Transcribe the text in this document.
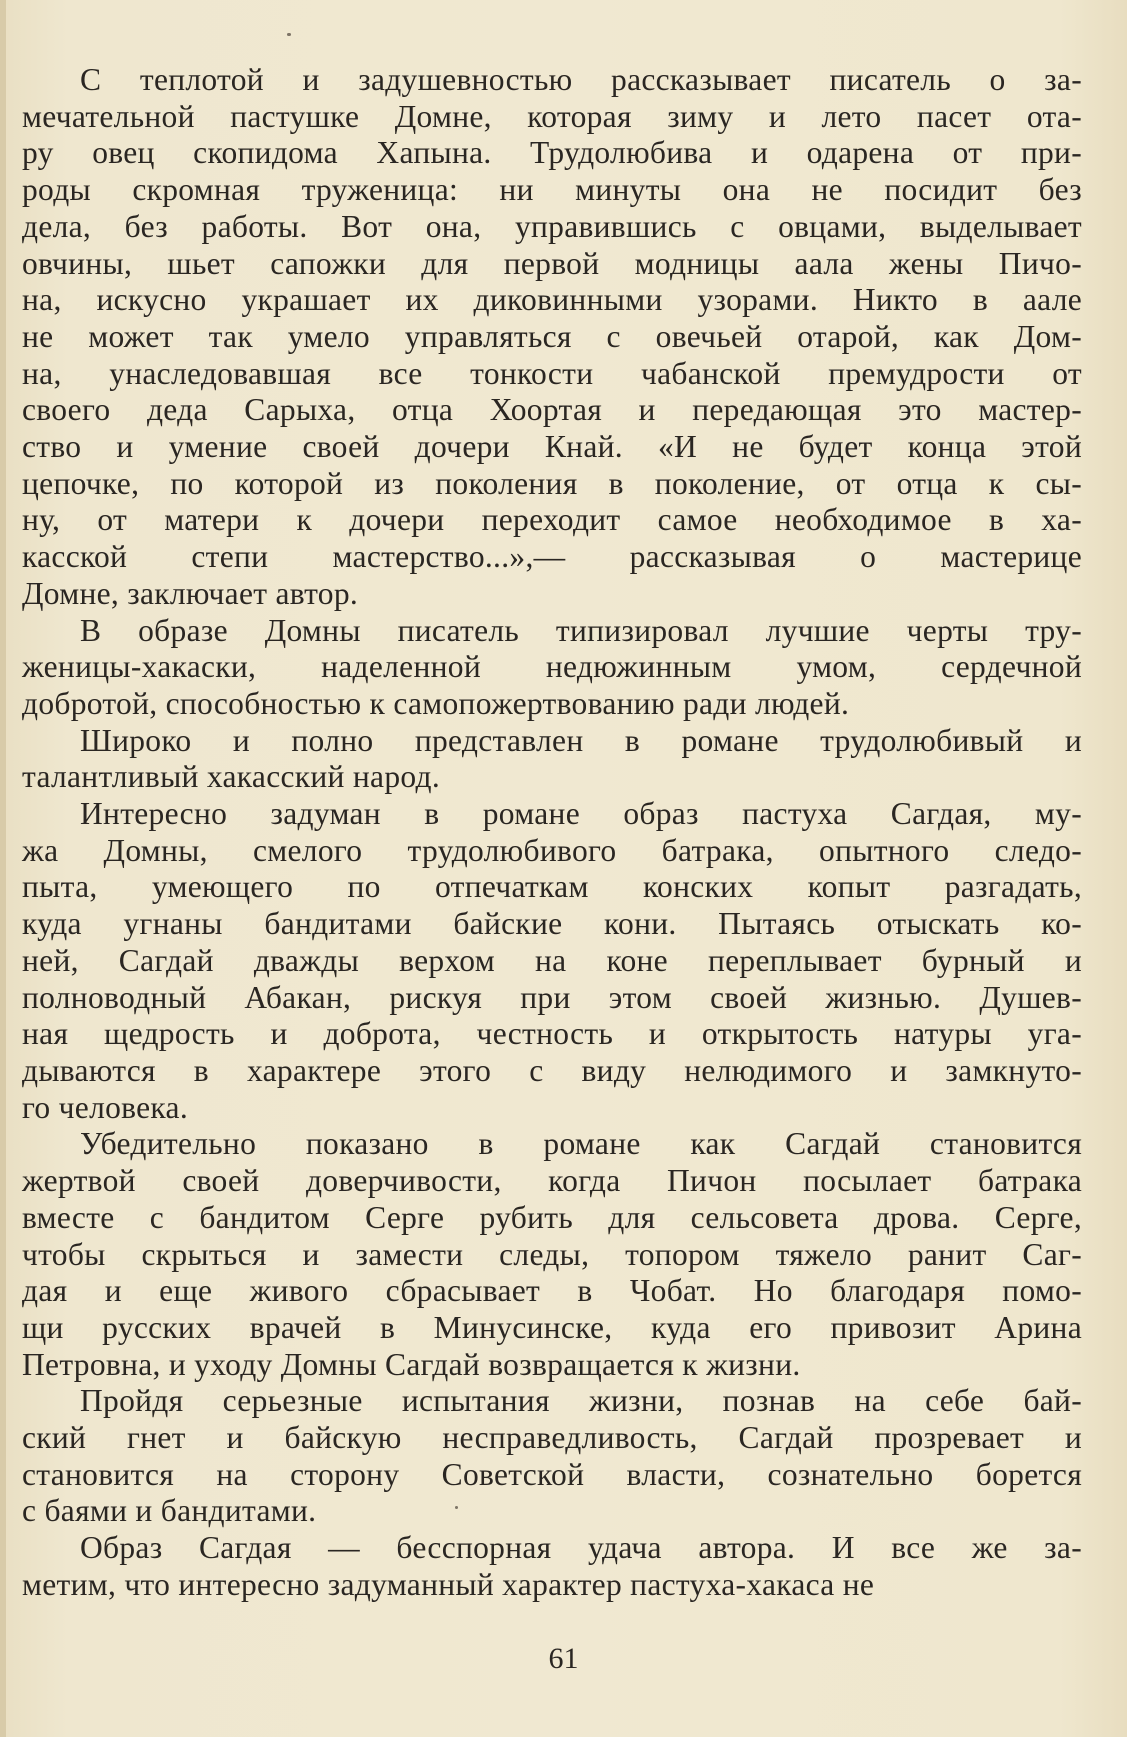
С теплотой и задушевностью рассказывает писатель о за-
мечательной пастушке Домне, которая зиму и лето пасет ота-
ру овец скопидома Хапына. Трудолюбива и одарена от при-
роды скромная труженица: ни минуты она не посидит без
дела, без работы. Вот она, управившись с овцами, выделывает
овчины, шьет сапожки для первой модницы аала жены Пичо-
на, искусно украшает их диковинными узорами. Никто в аале
не может так умело управляться с овечьей отарой, как Дом-
на, унаследовавшая все тонкости чабанской премудрости от
своего деда Сарыха, отца Хоортая и передающая это мастер-
ство и умение своей дочери Кнай. «И не будет конца этой
цепочке, по которой из поколения в поколение, от отца к сы-
ну, от матери к дочери переходит самое необходимое в ха-
касской степи мастерство...»,— рассказывая о мастерице
Домне, заключает автор.
В образе Домны писатель типизировал лучшие черты тру-
женицы-хакаски, наделенной недюжинным умом, сердечной
добротой, способностью к самопожертвованию ради людей.
Широко и полно представлен в романе трудолюбивый и
талантливый хакасский народ.
Интересно задуман в романе образ пастуха Сагдая, му-
жа Домны, смелого трудолюбивого батрака, опытного следо-
пыта, умеющего по отпечаткам конских копыт разгадать,
куда угнаны бандитами байские кони. Пытаясь отыскать ко-
ней, Сагдай дважды верхом на коне переплывает бурный и
полноводный Абакан, рискуя при этом своей жизнью. Душев-
ная щедрость и доброта, честность и открытость натуры уга-
дываются в характере этого с виду нелюдимого и замкнуто-
го человека.
Убедительно показано в романе как Сагдай становится
жертвой своей доверчивости, когда Пичон посылает батрака
вместе с бандитом Серге рубить для сельсовета дрова. Серге,
чтобы скрыться и замести следы, топором тяжело ранит Саг-
дая и еще живого сбрасывает в Чобат. Но благодаря помо-
щи русских врачей в Минусинске, куда его привозит Арина
Петровна, и уходу Домны Сагдай возвращается к жизни.
Пройдя серьезные испытания жизни, познав на себе бай-
ский гнет и байскую несправедливость, Сагдай прозревает и
становится на сторону Советской власти, сознательно борется
с баями и бандитами.
Образ Сагдая — бесспорная удача автора. И все же за-
метим, что интересно задуманный характер пастуха-хакаса не
61
